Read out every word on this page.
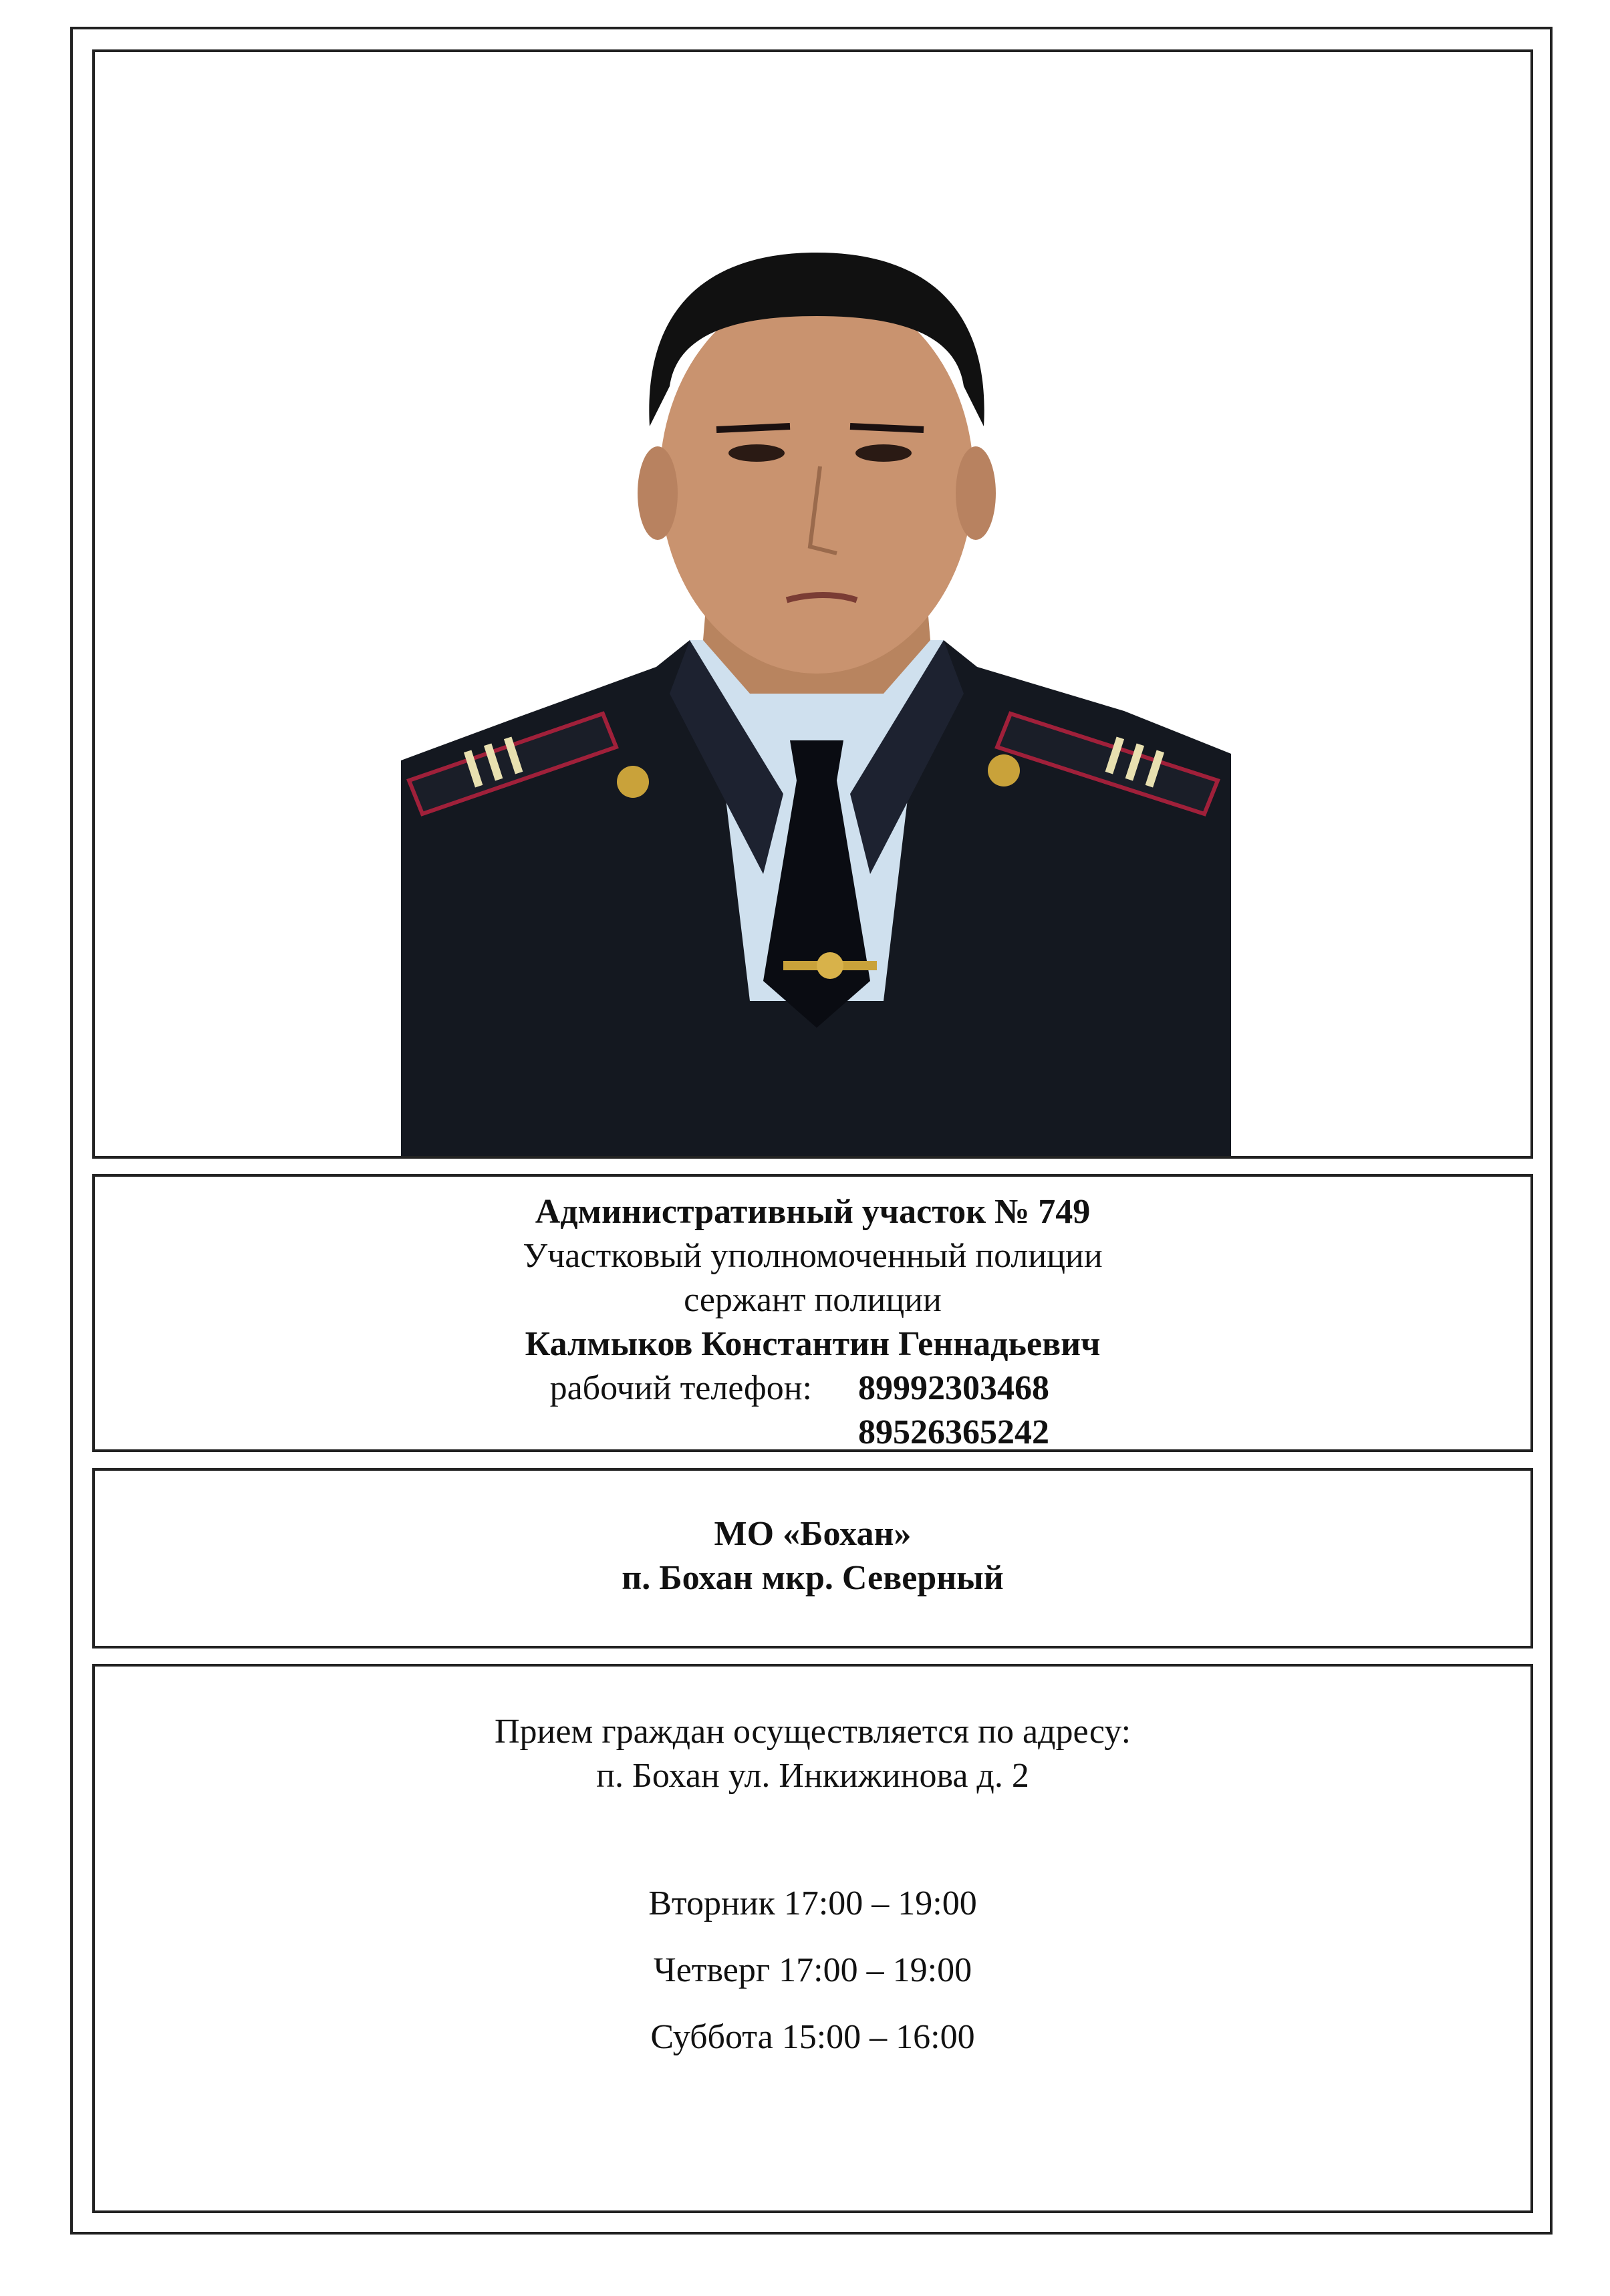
Административный участок № 749
Участковый уполномоченный полиции
сержант полиции
Калмыков Константин Геннадьевич
рабочий телефон: 89992303468
89526365242
МО «Бохан»
п. Бохан мкр. Северный
Прием граждан осуществляется по адресу:
п. Бохан ул. Инкижинова д. 2
Вторник 17:00 – 19:00
Четверг 17:00 – 19:00
Суббота 15:00 – 16:00
